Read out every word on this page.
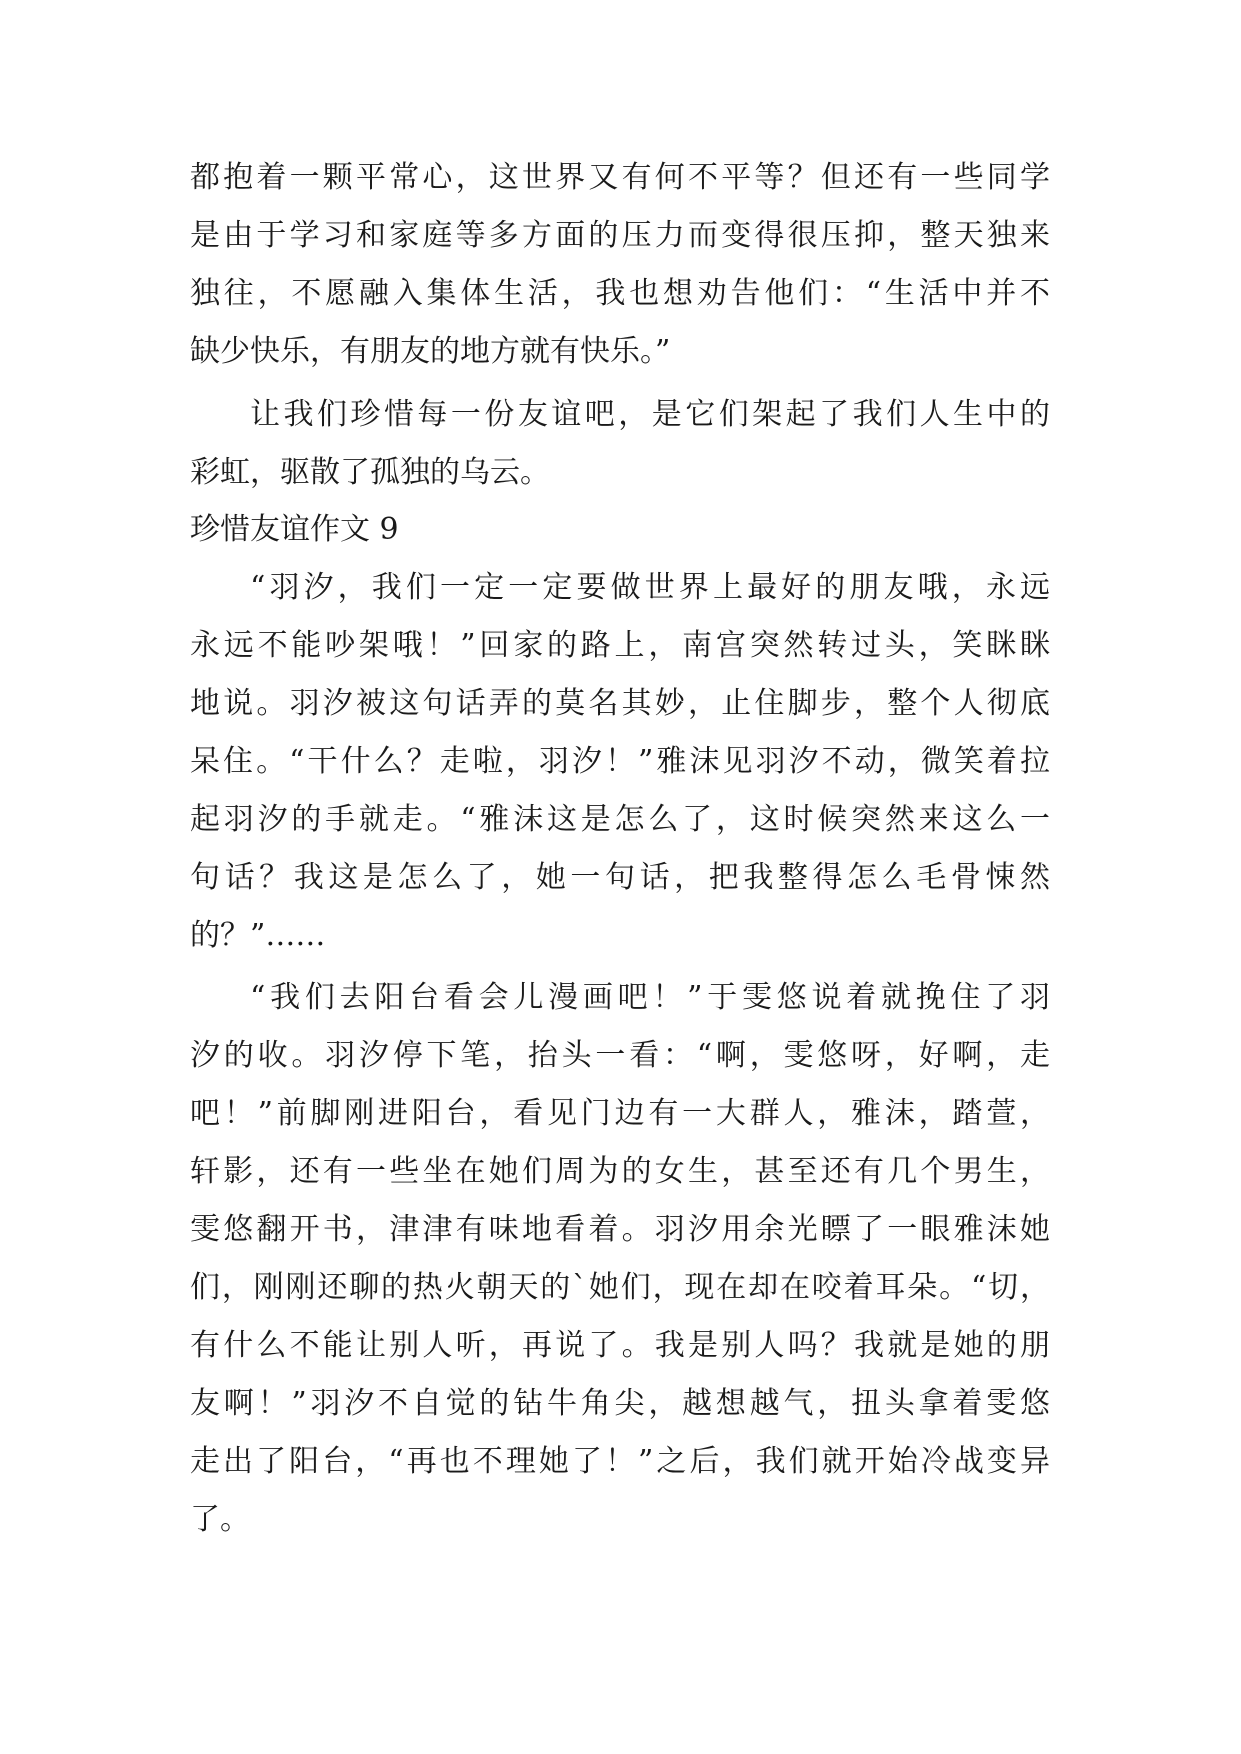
都抱着一颗平常心，这世界又有何不平等？但还有一些同学
是由于学习和家庭等多方面的压力而变得很压抑，整天独来
独往，不愿融入集体生活，我也想劝告他们：“生活中并不
缺少快乐，有朋友的地方就有快乐。”
让我们珍惜每一份友谊吧，是它们架起了我们人生中的
彩虹，驱散了孤独的乌云。
珍惜友谊作文 9
“羽汐，我们一定一定要做世界上最好的朋友哦，永远
永远不能吵架哦！”回家的路上，南宫突然转过头，笑眯眯
地说。羽汐被这句话弄的莫名其妙，止住脚步，整个人彻底
呆住。“干什么？走啦，羽汐！”雅沫见羽汐不动，微笑着拉
起羽汐的手就走。“雅沫这是怎么了，这时候突然来这么一
句话？我这是怎么了，她一句话，把我整得怎么毛骨悚然
的？”……
“我们去阳台看会儿漫画吧！”于雯悠说着就挽住了羽
汐的收。羽汐停下笔，抬头一看：“啊，雯悠呀，好啊，走
吧！”前脚刚进阳台，看见门边有一大群人，雅沫，踏萱，
轩影，还有一些坐在她们周为的女生，甚至还有几个男生，
雯悠翻开书，津津有味地看着。羽汐用余光瞟了一眼雅沫她
们，刚刚还聊的热火朝天的`她们，现在却在咬着耳朵。“切，
有什么不能让别人听，再说了。我是别人吗？我就是她的朋
友啊！”羽汐不自觉的钻牛角尖，越想越气，扭头拿着雯悠
走出了阳台，“再也不理她了！”之后，我们就开始冷战变异
了。
